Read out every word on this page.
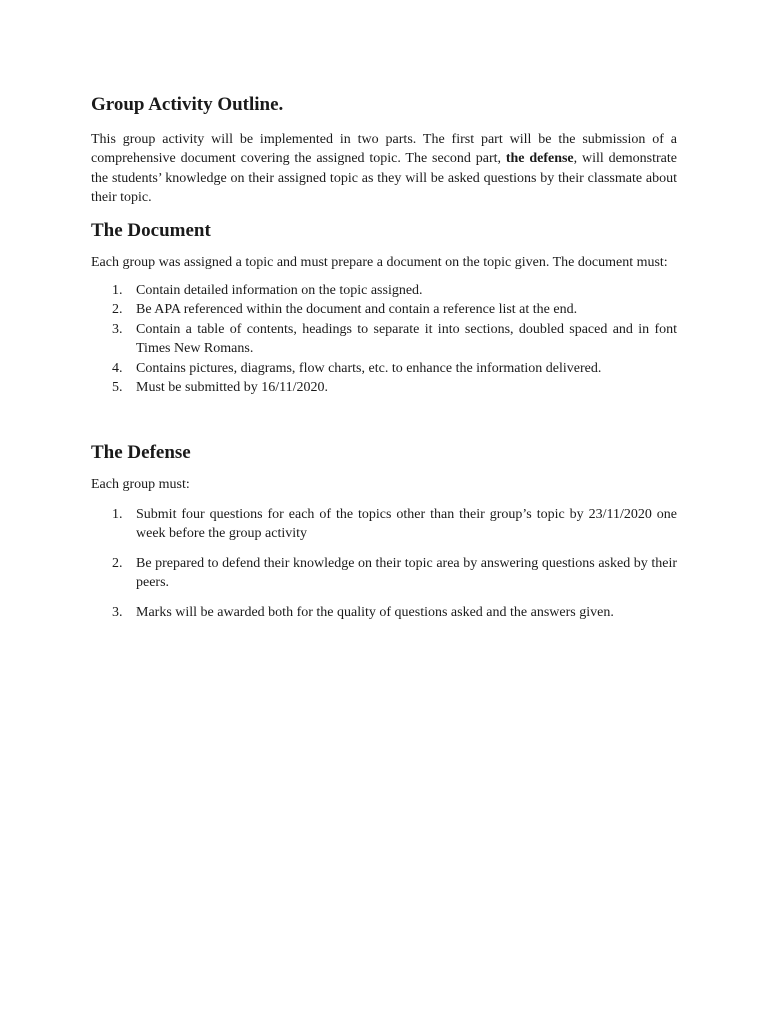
Group Activity Outline.

This group activity will be implemented in two parts. The first part will be the submission of a comprehensive document covering the assigned topic. The second part, the defense, will demonstrate the students’ knowledge on their assigned topic as they will be asked questions by their classmate about their topic.

The Document

Each group was assigned a topic and must prepare a document on the topic given. The document must:

1. Contain detailed information on the topic assigned.
2. Be APA referenced within the document and contain a reference list at the end.
3. Contain a table of contents, headings to separate it into sections, doubled spaced and in font Times New Romans.
4. Contains pictures, diagrams, flow charts, etc. to enhance the information delivered.
5. Must be submitted by 16/11/2020.
The Defense

Each group must:

1. Submit four questions for each of the topics other than their group’s topic by 23/11/2020 one week before the group activity
2. Be prepared to defend their knowledge on their topic area by answering questions asked by their peers.
3. Marks will be awarded both for the quality of questions asked and the answers given.
